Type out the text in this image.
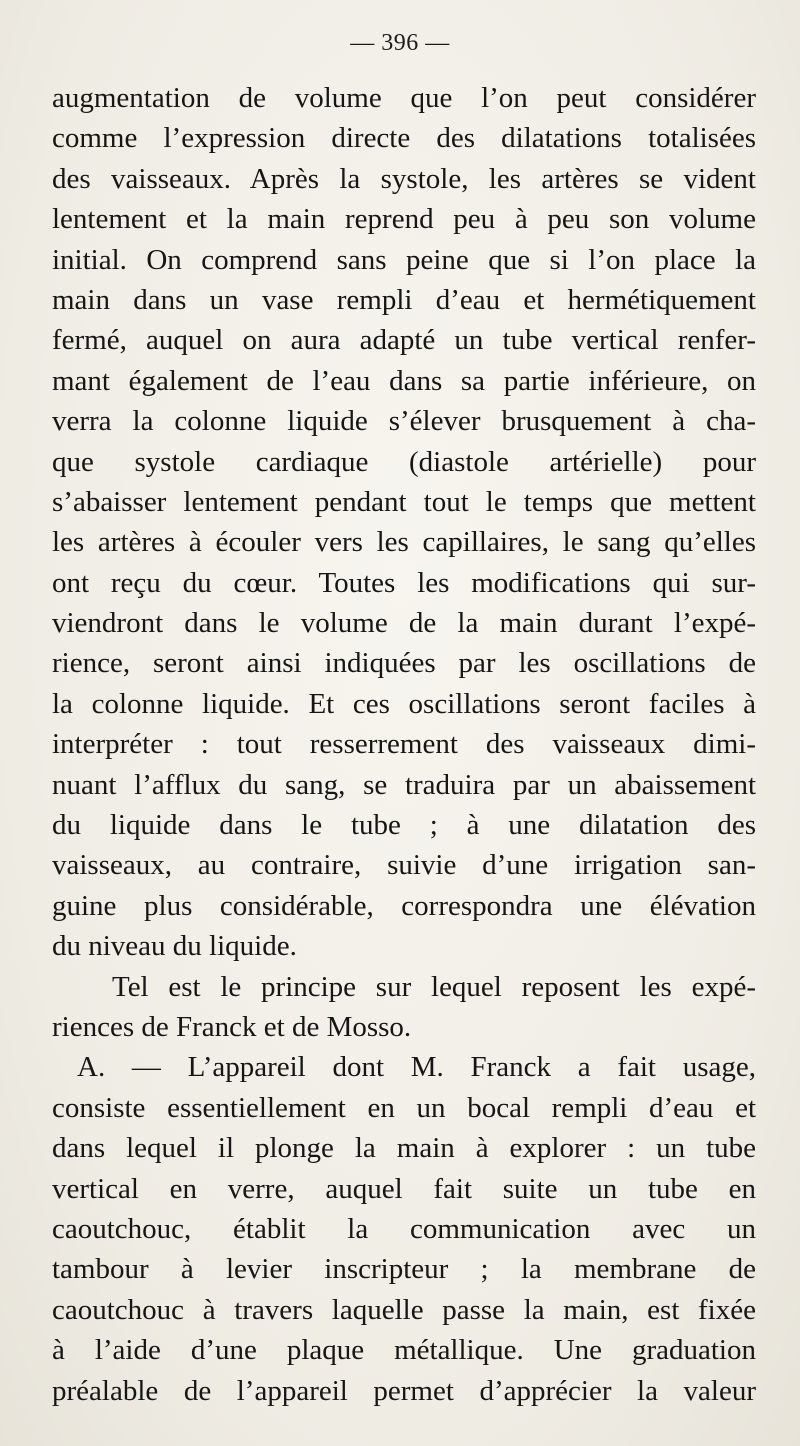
— 396 —
augmentation de volume que l’on peut considérer
comme l’expression directe des dilatations totalisées
des vaisseaux. Après la systole, les artères se vident
lentement et la main reprend peu à peu son volume
initial. On comprend sans peine que si l’on place la
main dans un vase rempli d’eau et hermétiquement
fermé, auquel on aura adapté un tube vertical renfer-
mant également de l’eau dans sa partie inférieure, on
verra la colonne liquide s’élever brusquement à cha-
que systole cardiaque (diastole artérielle) pour
s’abaisser lentement pendant tout le temps que mettent
les artères à écouler vers les capillaires, le sang qu’elles
ont reçu du cœur. Toutes les modifications qui sur-
viendront dans le volume de la main durant l’expé-
rience, seront ainsi indiquées par les oscillations de
la colonne liquide. Et ces oscillations seront faciles à
interpréter : tout resserrement des vaisseaux dimi-
nuant l’afflux du sang, se traduira par un abaissement
du liquide dans le tube ; à une dilatation des
vaisseaux, au contraire, suivie d’une irrigation san-
guine plus considérable, correspondra une élévation
du niveau du liquide.
Tel est le principe sur lequel reposent les expé-
riences de Franck et de Mosso.
A. — L’appareil dont M. Franck a fait usage,
consiste essentiellement en un bocal rempli d’eau et
dans lequel il plonge la main à explorer : un tube
vertical en verre, auquel fait suite un tube en
caoutchouc, établit la communication avec un
tambour à levier inscripteur ; la membrane de
caoutchouc à travers laquelle passe la main, est fixée
à l’aide d’une plaque métallique. Une graduation
préalable de l’appareil permet d’apprécier la valeur
